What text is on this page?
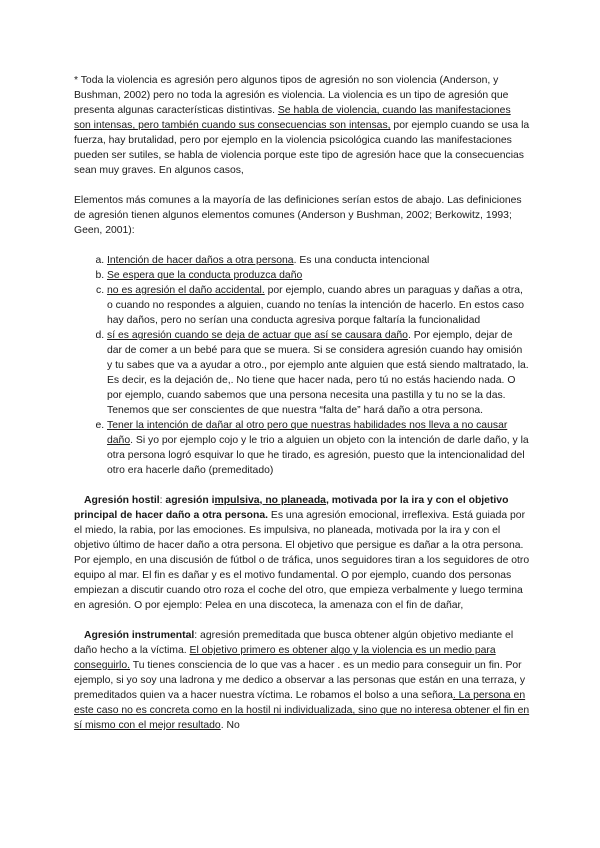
* Toda la violencia es agresión pero algunos tipos de agresión no son violencia (Anderson, y Bushman, 2002) pero no toda la agresión es violencia. La violencia es un tipo de agresión que presenta algunas características distintivas. Se habla de violencia, cuando las manifestaciones son intensas, pero también cuando sus consecuencias son intensas, por ejemplo cuando se usa la fuerza, hay brutalidad, pero por ejemplo en la violencia psicológica cuando las manifestaciones pueden ser sutiles, se habla de violencia porque este tipo de agresión hace que la consecuencias sean muy graves. En algunos casos,

Elementos más comunes a la mayoría de las definiciones serían estos de abajo. Las definiciones de agresión tienen algunos elementos comunes (Anderson y Bushman, 2002; Berkowitz, 1993; Geen, 2001):

a. Intención de hacer daños a otra persona. Es una conducta intencional
b. Se espera que la conducta produzca daño
c. no es agresión el daño accidental. por ejemplo, cuando abres un paraguas y dañas a otra, o cuando no respondes a alguien, cuando no tenías la intención de hacerlo. En estos caso hay daños, pero no serían una conducta agresiva porque faltaría la funcionalidad
d. sí es agresión cuando se deja de actuar que así se causara daño. Por ejemplo, dejar de dar de comer a un bebé para que se muera. Si se considera agresión cuando hay omisión y tu sabes que va a ayudar a otro., por ejemplo ante alguien que está siendo maltratado, la. Es decir, es la dejación de,. No tiene que hacer nada, pero tú no estás haciendo nada. O por ejemplo, cuando sabemos que una persona necesita una pastilla y tu no se la das. Tenemos que ser conscientes de que nuestra “falta de” hará daño a otra persona.
e. Tener la intención de dañar al otro pero que nuestras habilidades nos lleva a no causar daño. Si yo por ejemplo cojo y le trio a alguien un objeto con la intención de darle daño, y la otra persona logró esquivar lo que he tirado, es agresión, puesto que la intencionalidad del otro era hacerle daño (premeditado)

Agresión hostil: agresión impulsiva, no planeada, motivada por la ira y con el objetivo principal de hacer daño a otra persona. Es una agresión emocional, irreflexiva. Está guiada por el miedo, la rabia, por las emociones. Es impulsiva, no planeada, motivada por la ira y con el objetivo último de hacer daño a otra persona. El objetivo que persigue es dañar a la otra persona. Por ejemplo, en una discusión de fútbol o de tráfica, unos seguidores tiran a los seguidores de otro equipo al mar. El fin es dañar y es el motivo fundamental. O por ejemplo, cuando dos personas empiezan a discutir cuando otro roza el coche del otro, que empieza verbalmente y luego termina en agresión. O por ejemplo: Pelea en una discoteca, la amenaza con el fin de dañar,

Agresión instrumental: agresión premeditada que busca obtener algún objetivo mediante el daño hecho a la víctima. El objetivo primero es obtener algo y la violencia es un medio para conseguirlo. Tu tienes consciencia de lo que vas a hacer . es un medio para conseguir un fin. Por ejemplo, si yo soy una ladrona y me dedico a observar a las personas que están en una terraza, y premeditados quien va a hacer nuestra víctima. Le robamos el bolso a una señora. La persona en este caso no es concreta como en la hostil ni individualizada, sino que no interesa obtener el fin en sí mismo con el mejor resultado. No
